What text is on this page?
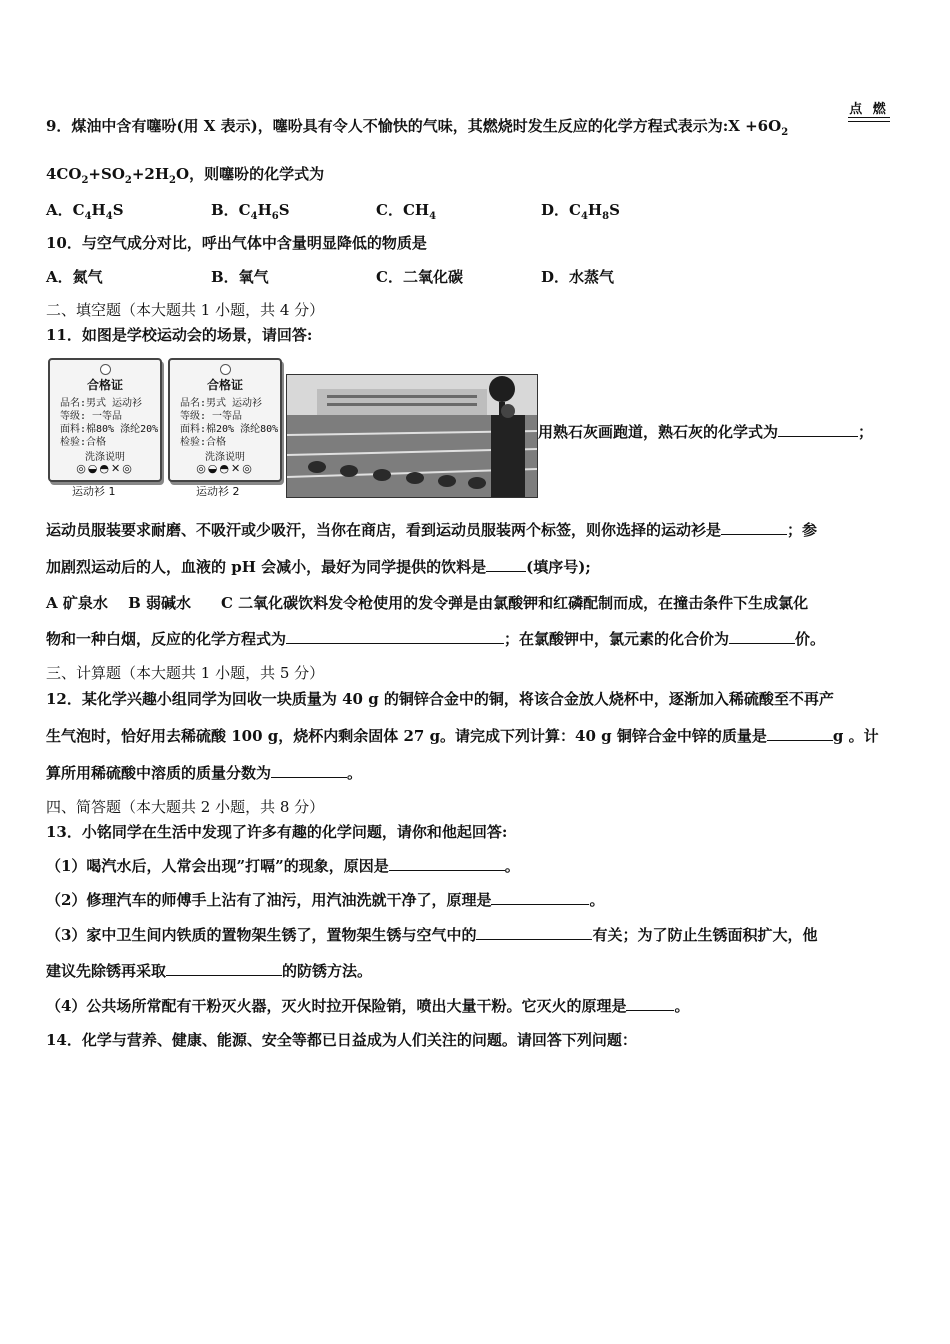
9．煤油中含有噻吩(用 X 表示)，噻吩具有令人不愉快的气味，其燃烧时发生反应的化学方程式表示为:X $+6O_2$
点 燃
$4CO_2+SO_2+2H_2O$，则噻吩的化学式为
A．$C_4H_4S$	B．$C_4H_6S$	C．$CH_4$	D．$C_4H_8S$
10．与空气成分对比，呼出气体中含量明显降低的物质是
A．氮气	B．氧气	C．二氧化碳	D．水蒸气
二、填空题（本大题共 1 小题，共 4 分）
11．如图是学校运动会的场景，请回答:
合格证
品名:男式 运动衫
等级: 一等品
面料:棉80% 涤纶20%
检验:合格
洗涤说明
◎◒◓✕◎
运动衫 1
合格证
品名:男式 运动衫
等级: 一等品
面料:棉20% 涤纶80%
检验:合格
洗涤说明
◎◒◓✕◎
运动衫 2
用熟石灰画跑道，熟石灰的化学式为	；
运动员服装要求耐磨、不吸汗或少吸汗，当你在商店，看到运动员服装两个标签，则你选择的运动衫是	；参
加剧烈运动后的人，血液的 pH 会减小，最好为同学提供的饮料是	(填序号);
A 矿泉水　 B 弱碱水　　C 二氧化碳饮料发令枪使用的发令弹是由氯酸钾和红磷配制而成，在撞击条件下生成氯化
物和一种白烟，反应的化学方程式为	；在氯酸钾中，氯元素的化合价为	价。
三、计算题（本大题共 1 小题，共 5 分）
12．某化学兴趣小组同学为回收一块质量为 40 g 的铜锌合金中的铜，将该合金放人烧杯中，逐渐加入稀硫酸至不再产
生气泡时，恰好用去稀硫酸 100 g，烧杯内剩余固体 27 g。请完成下列计算：40 g 铜锌合金中锌的质量是	g 。计
算所用稀硫酸中溶质的质量分数为	。
四、简答题（本大题共 2 小题，共 8 分）
13．小铭同学在生活中发现了许多有趣的化学问题，请你和他起回答:
（1）喝汽水后，人常会出现”打嗝”的现象，原因是	。
（2）修理汽车的师傅手上沾有了油污，用汽油洗就干净了，原理是	。
（3）家中卫生间内铁质的置物架生锈了，置物架生锈与空气中的	有关；为了防止生锈面积扩大，他
建议先除锈再采取	的防锈方法。
（4）公共场所常配有干粉灭火器，灭火时拉开保险销，喷出大量干粉。它灭火的原理是	。
14．化学与营养、健康、能源、安全等都已日益成为人们关注的问题。请回答下列问题：
